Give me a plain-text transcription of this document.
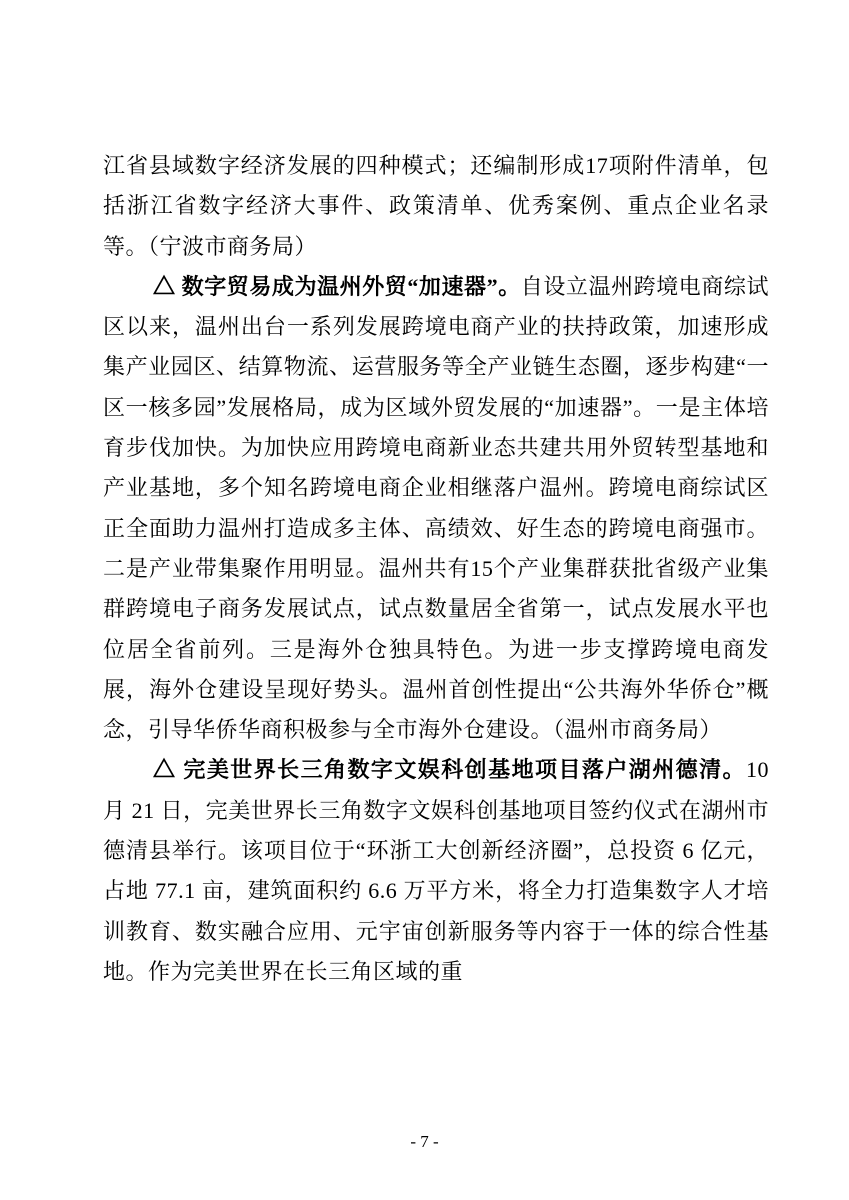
江省县域数字经济发展的四种模式；还编制形成17项附件清单，包括浙江省数字经济大事件、政策清单、优秀案例、重点企业名录等。（宁波市商务局）

△ 数字贸易成为温州外贸“加速器”。自设立温州跨境电商综试区以来，温州出台一系列发展跨境电商产业的扶持政策，加速形成集产业园区、结算物流、运营服务等全产业链生态圈，逐步构建“一区一核多园”发展格局，成为区域外贸发展的“加速器”。一是主体培育步伐加快。为加快应用跨境电商新业态共建共用外贸转型基地和产业基地，多个知名跨境电商企业相继落户温州。跨境电商综试区正全面助力温州打造成多主体、高绩效、好生态的跨境电商强市。二是产业带集聚作用明显。温州共有15个产业集群获批省级产业集群跨境电子商务发展试点，试点数量居全省第一，试点发展水平也位居全省前列。三是海外仓独具特色。为进一步支撑跨境电商发展，海外仓建设呈现好势头。温州首创性提出“公共海外华侨仓”概念，引导华侨华商积极参与全市海外仓建设。（温州市商务局）

△ 完美世界长三角数字文娱科创基地项目落户湖州德清。10 月 21 日，完美世界长三角数字文娱科创基地项目签约仪式在湖州市德清县举行。该项目位于“环浙工大创新经济圈”，总投资 6 亿元，占地 77.1 亩，建筑面积约 6.6 万平方米，将全力打造集数字人才培训教育、数实融合应用、元宇宙创新服务等内容于一体的综合性基地。作为完美世界在长三角区域的重

- 7 -
